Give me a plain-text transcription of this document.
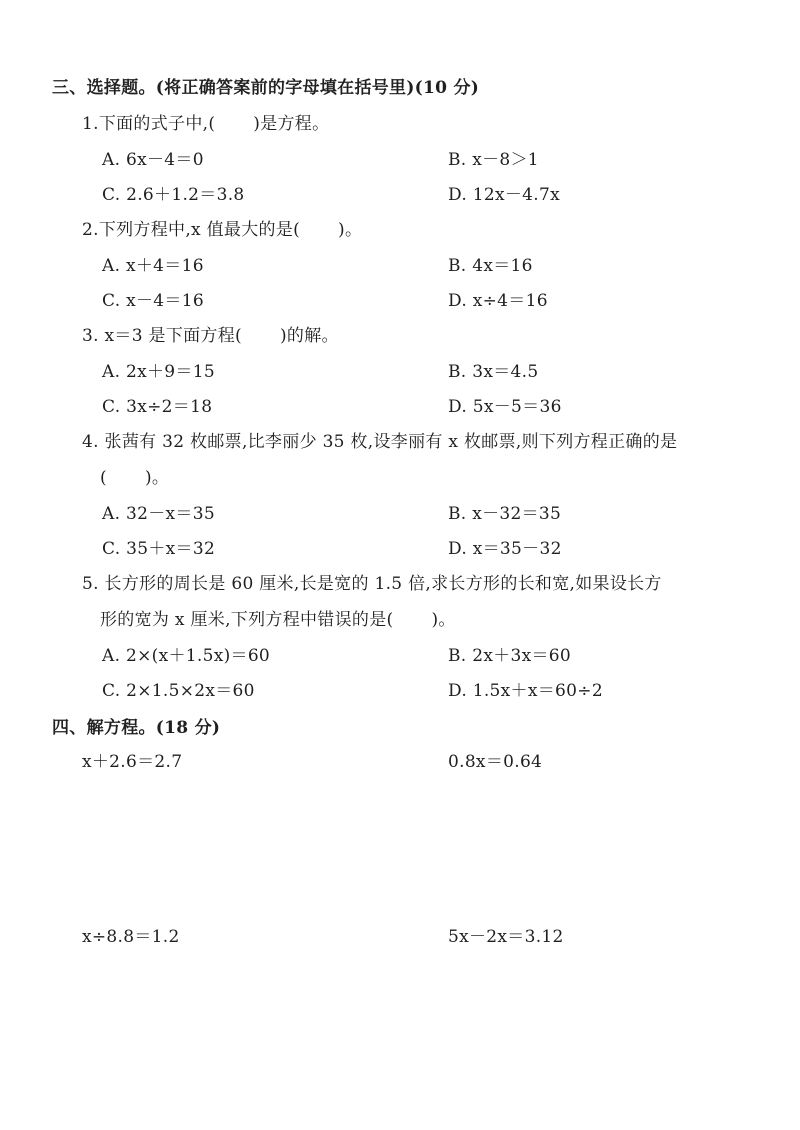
三、选择题。(将正确答案前的字母填在括号里)(10 分)
1.下面的式子中,( )是方程。
A. 6x－4＝0	B. x－8＞1
C. 2.6＋1.2＝3.8	D. 12x－4.7x
2.下列方程中,x 值最大的是( )。
A. x＋4＝16	B. 4x＝16
C. x－4＝16	D. x÷4＝16
3. x＝3 是下面方程( )的解。
A. 2x＋9＝15	B. 3x＝4.5
C. 3x÷2＝18	D. 5x－5＝36
4. 张茜有 32 枚邮票,比李丽少 35 枚,设李丽有 x 枚邮票,则下列方程正确的是
( )。
A. 32－x＝35	B. x－32＝35
C. 35＋x＝32	D. x＝35－32
5. 长方形的周长是 60 厘米,长是宽的 1.5 倍,求长方形的长和宽,如果设长方
形的宽为 x 厘米,下列方程中错误的是( )。
A. 2×(x＋1.5x)＝60	B. 2x＋3x＝60
C. 2×1.5×2x＝60	D. 1.5x＋x＝60÷2
四、解方程。(18 分)
x＋2.6＝2.7	0.8x＝0.64
x÷8.8＝1.2	5x－2x＝3.12
